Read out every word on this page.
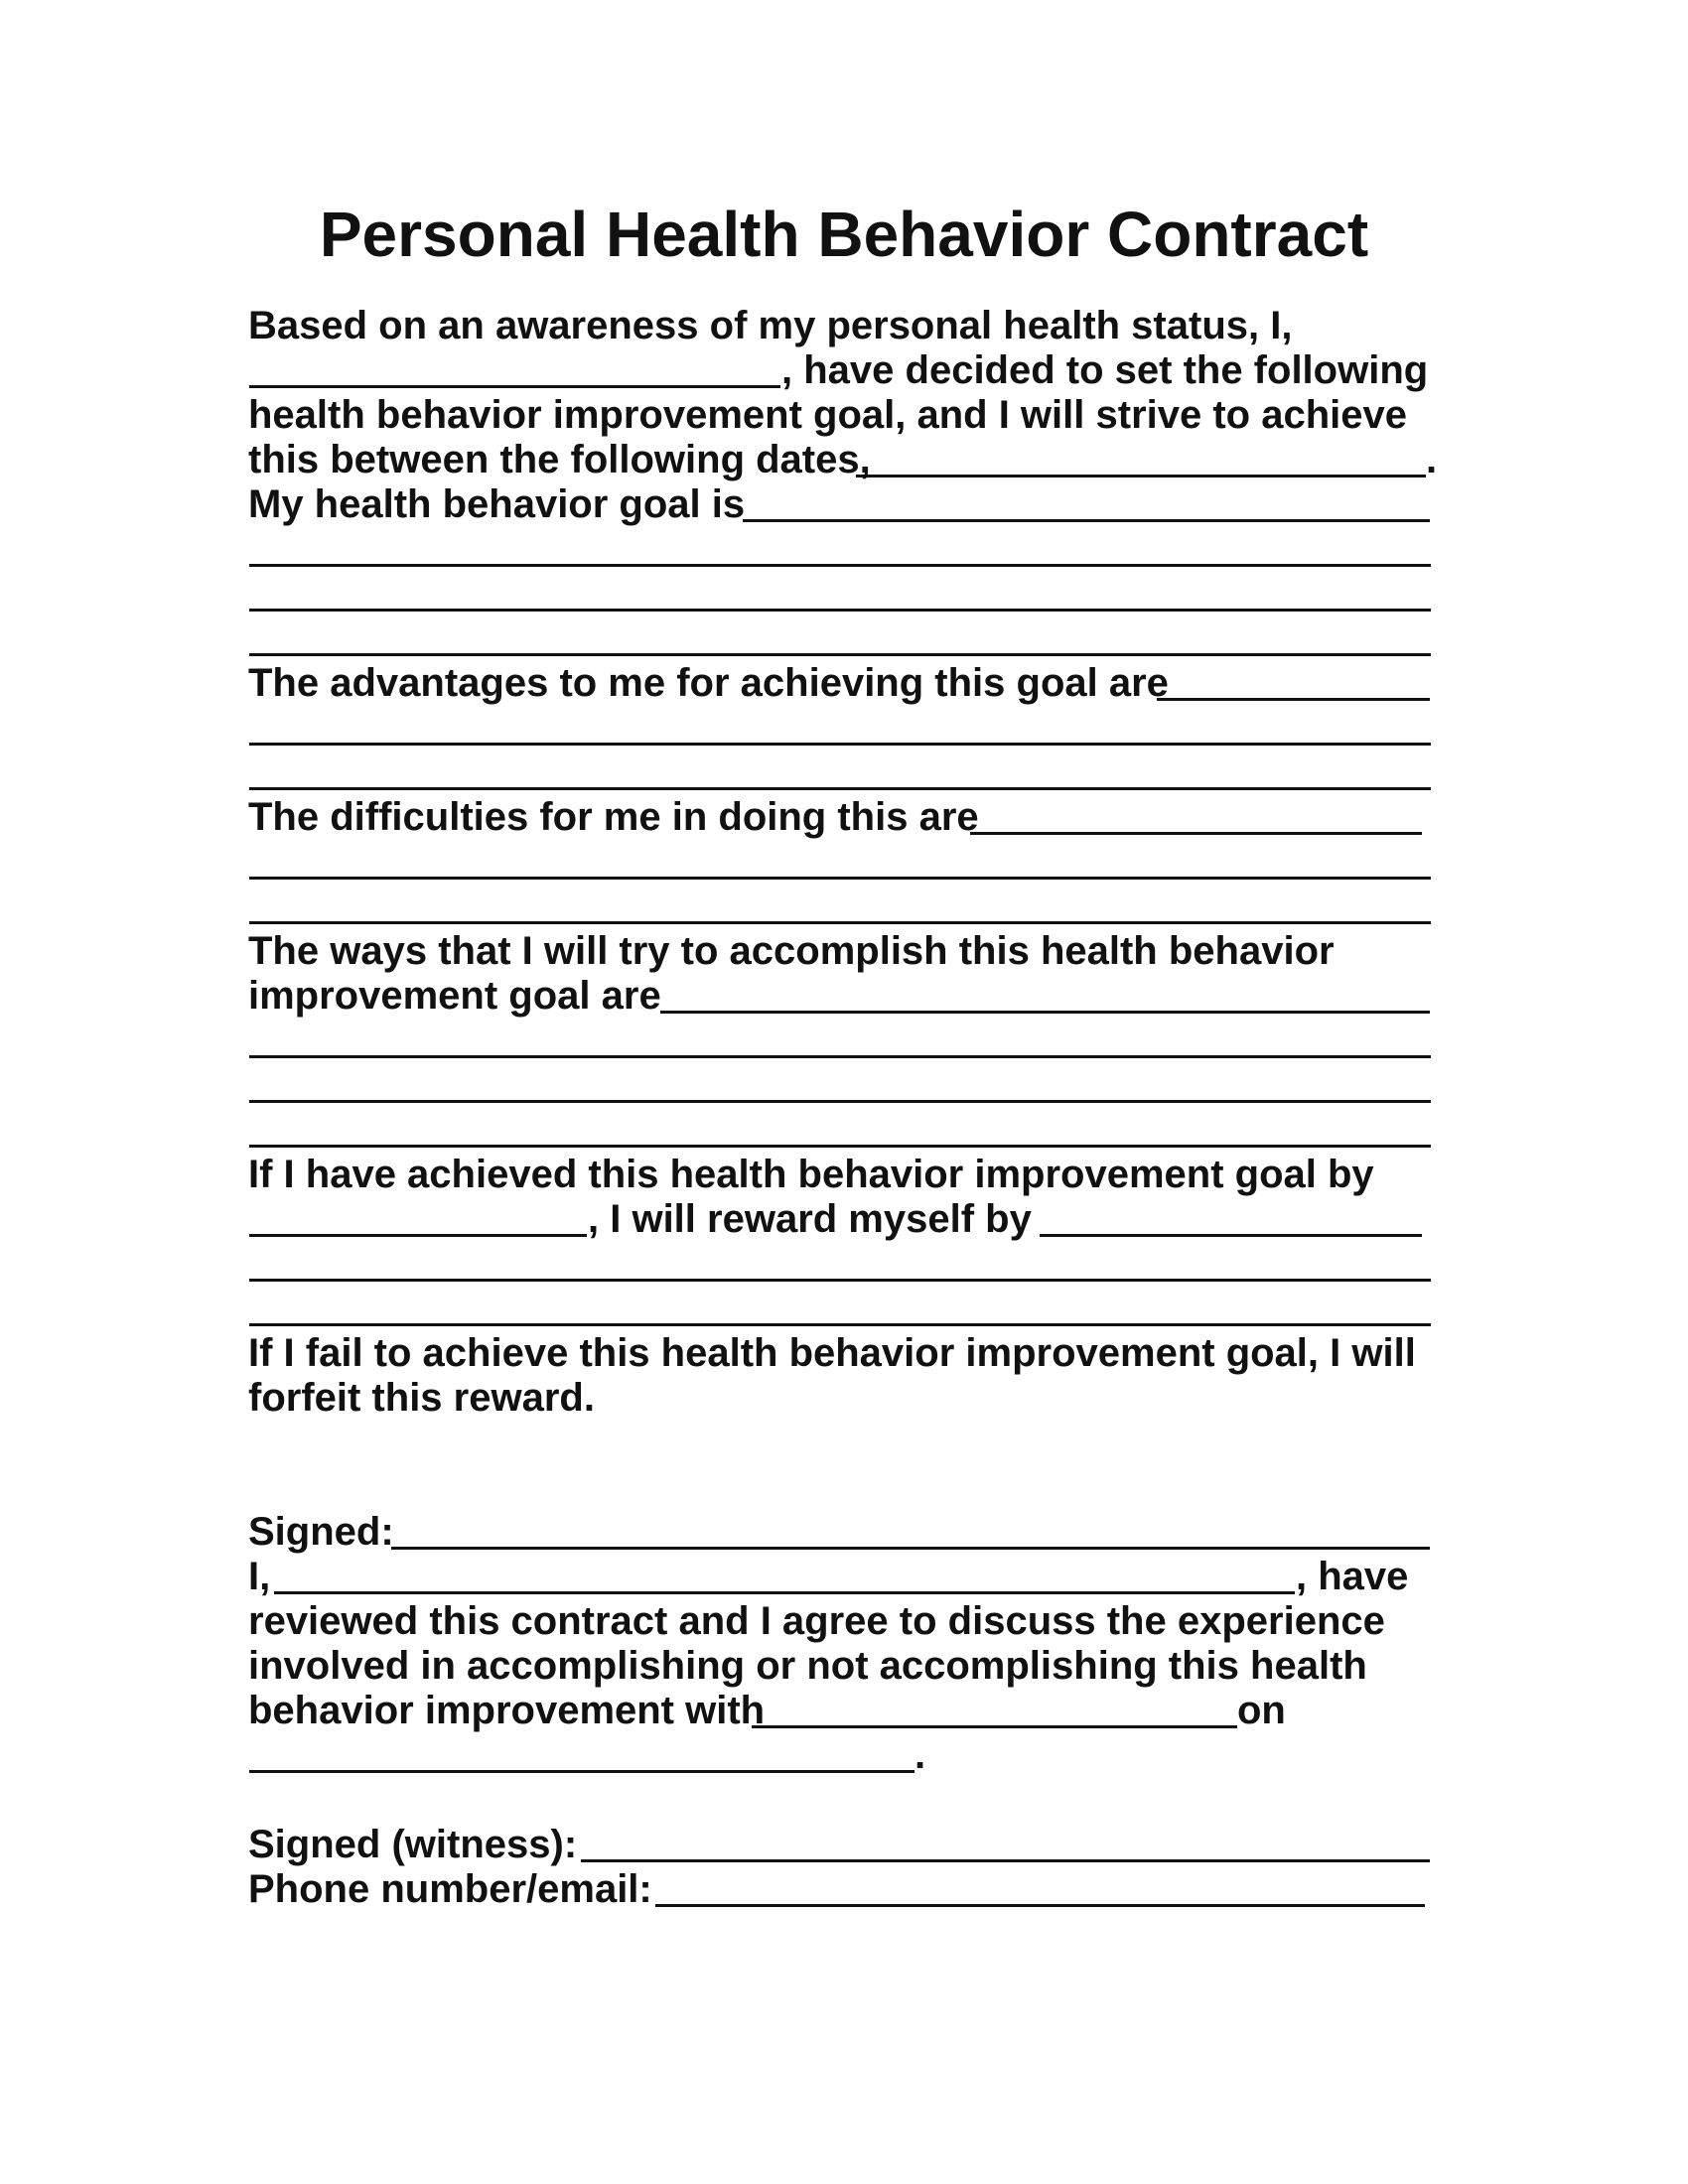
Personal Health Behavior Contract
Based on an awareness of my personal health status, I,
, have decided to set the following
health behavior improvement goal, and I will strive to achieve
this between the following dates,	.
My health behavior goal is
The advantages to me for achieving this goal are
The difficulties for me in doing this are
The ways that I will try to accomplish this health behavior
improvement goal are
If I have achieved this health behavior improvement goal by
, I will reward myself by
If I fail to achieve this health behavior improvement goal, I will
forfeit this reward.
Signed:
I,	, have
reviewed this contract and I agree to discuss the experience
involved in accomplishing or not accomplishing this health
behavior improvement with	on
.
Signed (witness):
Phone number/email:
